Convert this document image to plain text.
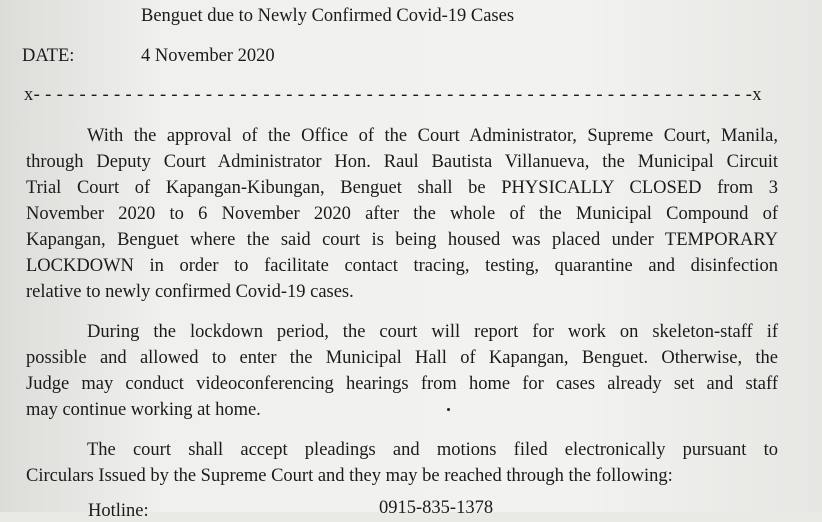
Benguet due to Newly Confirmed Covid-19 Cases
DATE:	4 November 2020
x- - - - - - - - - - - - - - - - - - - - - - - - - - - - - - - - - - - - - - - - - - - - - - - - - - - - - - - - - - - - - - -x
With the approval of the Office of the Court Administrator, Supreme Court, Manila,
through Deputy Court Administrator Hon. Raul Bautista Villanueva, the Municipal Circuit
Trial Court of Kapangan-Kibungan, Benguet shall be PHYSICALLY CLOSED from 3
November 2020 to 6 November 2020 after the whole of the Municipal Compound of
Kapangan, Benguet where the said court is being housed was placed under TEMPORARY
LOCKDOWN in order to facilitate contact tracing, testing, quarantine and disinfection
relative to newly confirmed Covid-19 cases.
During the lockdown period, the court will report for work on skeleton-staff if
possible and allowed to enter the Municipal Hall of Kapangan, Benguet. Otherwise, the
Judge may conduct videoconferencing hearings from home for cases already set and staff
may continue working at home.
The court shall accept pleadings and motions filed electronically pursuant to
Circulars Issued by the Supreme Court and they may be reached through the following:
Hotline:	0915-835-1378
